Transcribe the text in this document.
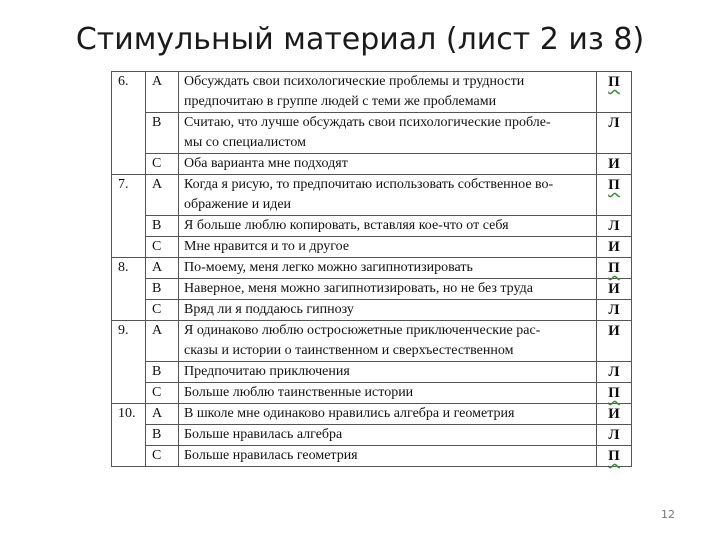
Стимульный материал (лист 2 из 8)
6.	А	Обсуждать свои психологические проблемы и трудности
предпочитаю в группе людей с теми же проблемами	П
	В	Считаю, что лучше обсуждать свои психологические пробле-
мы со специалистом	Л
	С	Оба варианта мне подходят	И
7.	А	Когда я рисую, то предпочитаю использовать собственное во-
ображение и идеи	П
	В	Я больше люблю копировать, вставляя кое-что от себя	Л
	С	Мне нравится и то и другое	И
8.	А	По-моему, меня легко можно загипнотизировать	П
	В	Наверное, меня можно загипнотизировать, но не без труда	И
	С	Вряд ли я поддаюсь гипнозу	Л
9.	А	Я одинаково люблю остросюжетные приключенческие рас-
сказы и истории о таинственном и сверхъестественном	И
	В	Предпочитаю приключения	Л
	С	Больше люблю таинственные истории	П
10.	А	В школе мне одинаково нравились алгебра и геометрия	И
	В	Больше нравилась алгебра	Л
	С	Больше нравилась геометрия	П
12
